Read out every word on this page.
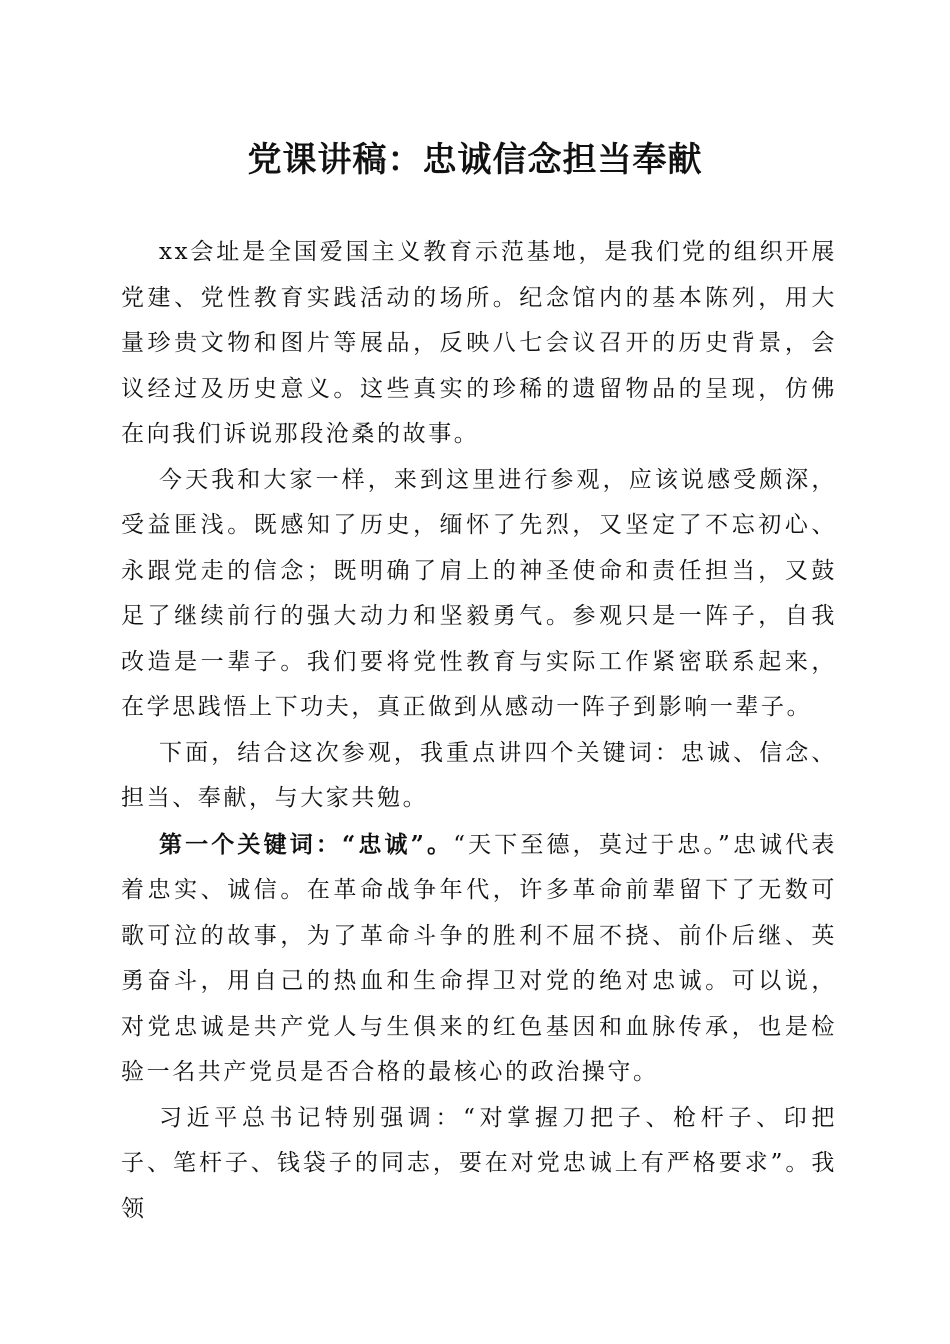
党课讲稿：忠诚信念担当奉献

xx会址是全国爱国主义教育示范基地，是我们党的组织开展党建、党性教育实践活动的场所。纪念馆内的基本陈列，用大量珍贵文物和图片等展品，反映八七会议召开的历史背景，会议经过及历史意义。这些真实的珍稀的遗留物品的呈现，仿佛在向我们诉说那段沧桑的故事。

今天我和大家一样，来到这里进行参观，应该说感受颇深，受益匪浅。既感知了历史，缅怀了先烈，又坚定了不忘初心、永跟党走的信念；既明确了肩上的神圣使命和责任担当，又鼓足了继续前行的强大动力和坚毅勇气。参观只是一阵子，自我改造是一辈子。我们要将党性教育与实际工作紧密联系起来，在学思践悟上下功夫，真正做到从感动一阵子到影响一辈子。

下面，结合这次参观，我重点讲四个关键词：忠诚、信念、担当、奉献，与大家共勉。

第一个关键词：“忠诚”。“天下至德，莫过于忠。”忠诚代表着忠实、诚信。在革命战争年代，许多革命前辈留下了无数可歌可泣的故事，为了革命斗争的胜利不屈不挠、前仆后继、英勇奋斗，用自己的热血和生命捍卫对党的绝对忠诚。可以说，对党忠诚是共产党人与生俱来的红色基因和血脉传承，也是检验一名共产党员是否合格的最核心的政治操守。

习近平总书记特别强调：“对掌握刀把子、枪杆子、印把子、笔杆子、钱袋子的同志，要在对党忠诚上有严格要求”。我领
